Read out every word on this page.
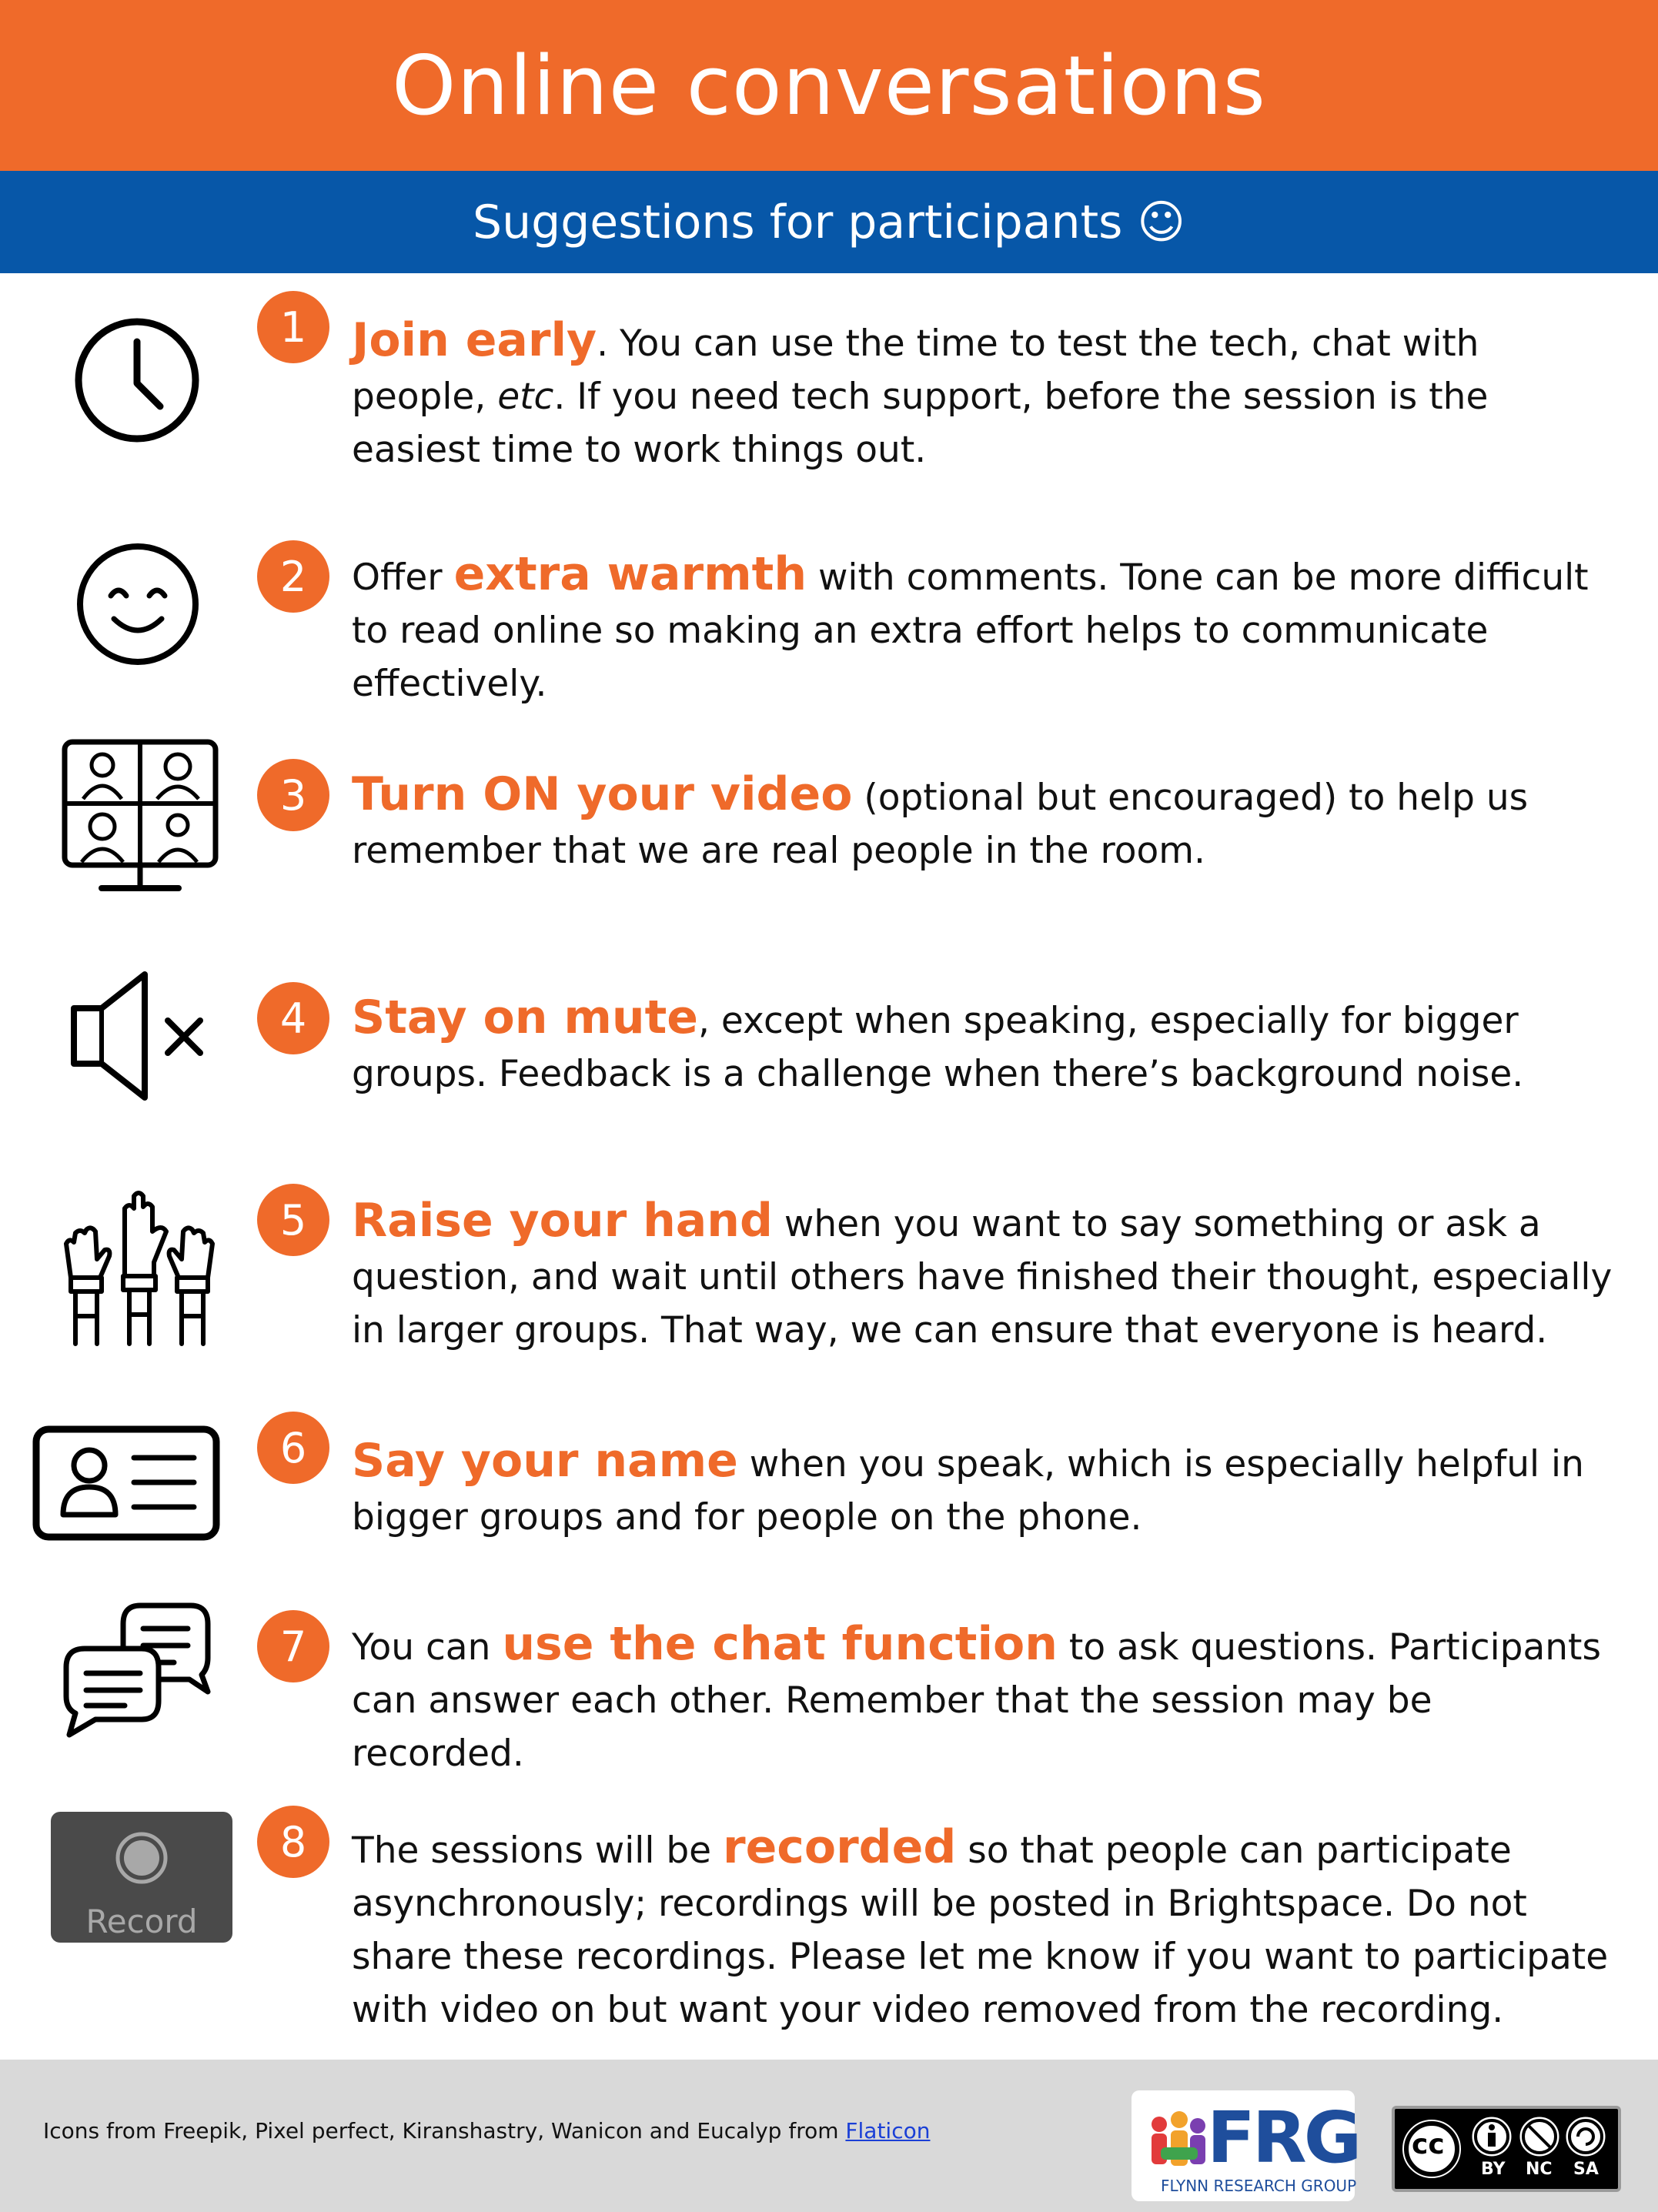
Online conversations
Suggestions for participants ☺
Record
1 Join early. You can use the time to test the tech, chat with people, etc. If you need tech support, before the session is the easiest time to work things out.
2	Offer extra warmth with comments. Tone can be more difficult to read online so making an extra effort helps to communicate effectively.
3 Turn ON your video (optional but encouraged) to help us remember that we are real people in the room.
4 Stay on mute, except when speaking, especially for bigger groups. Feedback is a challenge when there’s background noise.
5 Raise your hand when you want to say something or ask a question, and wait until others have finished their thought, especially in larger groups. That way, we can ensure that everyone is heard.
6 Say your name when you speak, which is especially helpful in bigger groups and for people on the phone.
7	You can use the chat function to ask questions. Participants can answer each other. Remember that the session may be recorded.
8	The sessions will be recorded so that people can participate asynchronously; recordings will be posted in Brightspace. Do not share these recordings. Please let me know if you want to participate with video on but want your video removed from the recording.
Icons from Freepik, Pixel perfect, Kiranshastry, Wanicon and Eucalyp from Flaticon	FRG
FLYNN RESEARCH GROUP
cc
BY NC SA
